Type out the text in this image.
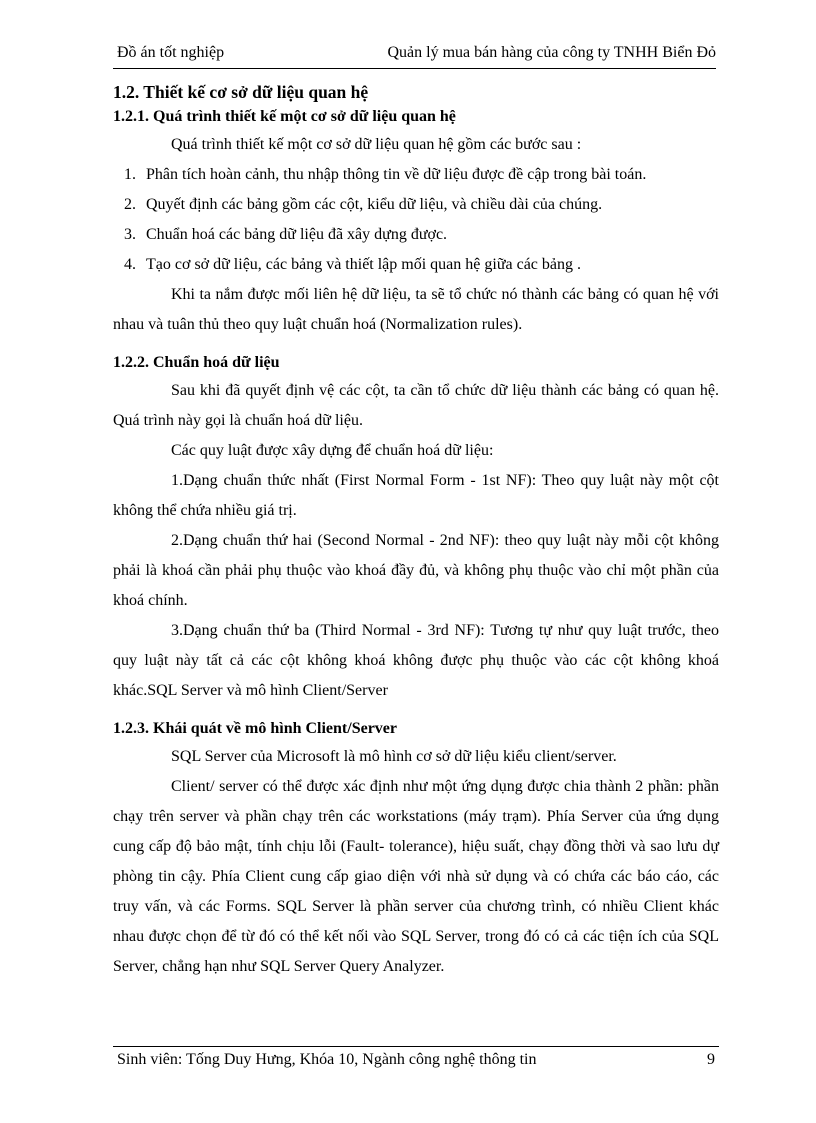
Đồ án tốt nghiệp	Quản lý mua bán hàng của công ty TNHH Biển Đỏ
1.2. Thiết kế cơ sở dữ liệu quan hệ
1.2.1. Quá trình thiết kế một cơ sở dữ liệu quan hệ

Quá trình thiết kế một cơ sở dữ liệu quan hệ gồm các bước sau :

1. Phân tích hoàn cảnh, thu nhập thông tin về dữ liệu được đề cập trong bài toán.
2. Quyết định các bảng gồm các cột, kiểu dữ liệu, và chiều dài của chúng.
3. Chuẩn hoá các bảng dữ liệu đã xây dựng được.
4. Tạo cơ sở dữ liệu, các bảng và thiết lập mối quan hệ giữa các bảng .

Khi ta nắm được mối liên hệ dữ liệu, ta sẽ tổ chức nó thành các bảng có quan hệ với nhau và tuân thủ theo quy luật chuẩn hoá (Normalization rules).

1.2.2. Chuẩn hoá dữ liệu

Sau khi đã quyết định vệ các cột, ta cần tổ chức dữ liệu thành các bảng có quan hệ. Quá trình này gọi là chuẩn hoá dữ liệu.

Các quy luật được xây dựng để chuẩn hoá dữ liệu:

1.Dạng chuẩn thức nhất (First Normal Form - 1st NF): Theo quy luật này một cột không thể chứa nhiều giá trị.

2.Dạng chuẩn thứ hai (Second Normal - 2nd NF): theo quy luật này mỗi cột không phải là khoá cần phải phụ thuộc vào khoá đầy đủ, và không phụ thuộc vào chỉ một phần của khoá chính.

3.Dạng chuẩn thứ ba (Third Normal - 3rd NF): Tương tự như quy luật trước, theo quy luật này tất cả các cột không khoá không được phụ thuộc vào các cột không khoá khác.SQL Server và mô hình Client/Server

1.2.3. Khái quát về mô hình Client/Server

SQL Server của Microsoft là mô hình cơ sở dữ liệu kiểu client/server.

Client/ server có thể được xác định như một ứng dụng được chia thành 2 phần: phần chạy trên server và phần chạy trên các workstations (máy trạm). Phía Server của ứng dụng cung cấp độ bảo mật, tính chịu lỗi (Fault- tolerance), hiệu suất, chạy đồng thời và sao lưu dự phòng tin cậy. Phía Client cung cấp giao diện với nhà sử dụng và có chứa các báo cáo, các truy vấn, và các Forms. SQL Server là phần server của chương trình, có nhiều Client khác nhau được chọn để từ đó có thể kết nối vào SQL Server, trong đó có cả các tiện ích của SQL Server, chẳng hạn như SQL Server Query Analyzer.

Sinh viên: Tống Duy Hưng, Khóa 10, Ngành công nghệ thông tin	9
